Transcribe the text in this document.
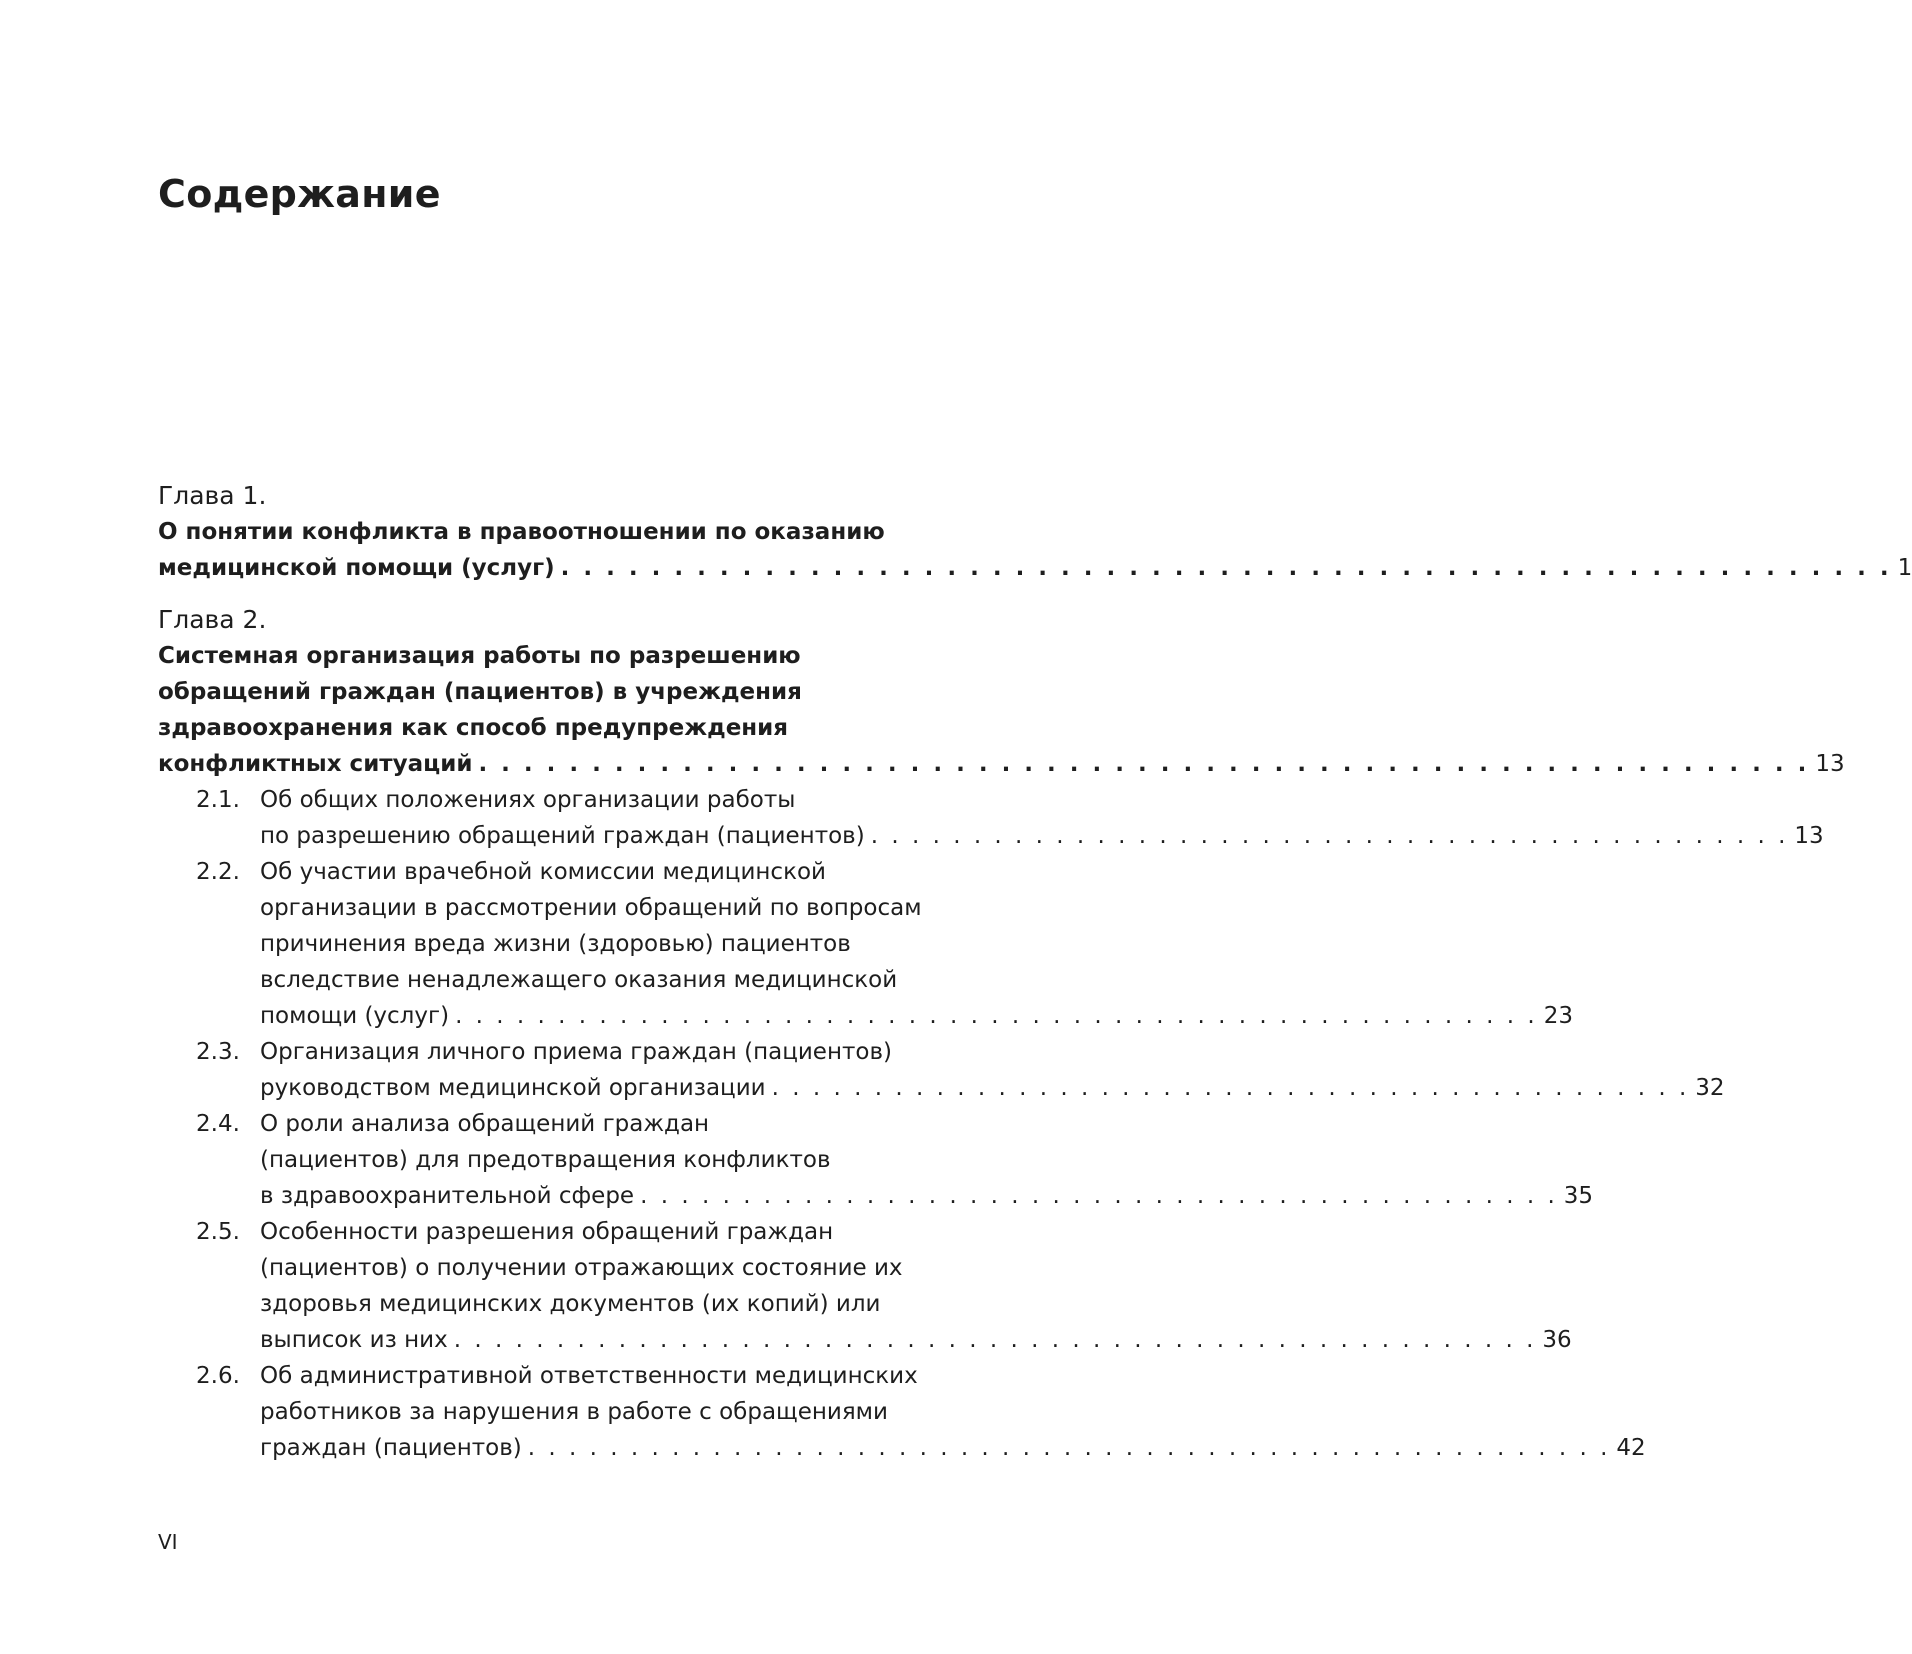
Содержание
Глава 1.
О понятии конфликта в правоотношении по оказанию
медицинской помощи (услуг) . . . . . . . . . . . . . . . . . . . . . . . . . . . . . . . . . . . . . . . . . . . . . . . . . . . . . . . . . . . 1
Глава 2.
Системная организация работы по разрешению
обращений граждан (пациентов) в учреждения
здравоохранения как способ предупреждения
конфликтных ситуаций . . . . . . . . . . . . . . . . . . . . . . . . . . . . . . . . . . . . . . . . . . . . . . . . . . . . . . . . . . . 13
2.1. Об общих положениях организации работы
по разрешению обращений граждан (пациентов) . . . . . . . . . . . . . . . . . . . . . . . . . . . . . . . . . . . . . . . . . . . . . 13
2.2. Об участии врачебной комиссии медицинской
организации в рассмотрении обращений по вопросам
причинения вреда жизни (здоровью) пациентов
вследствие ненадлежащего оказания медицинской
помощи (услуг) . . . . . . . . . . . . . . . . . . . . . . . . . . . . . . . . . . . . . . . . . . . . . . . . . . . . . 23
2.3. Организация личного приема граждан (пациентов)
руководством медицинской организации . . . . . . . . . . . . . . . . . . . . . . . . . . . . . . . . . . . . . . . . . . . . . 32
2.4. О роли анализа обращений граждан
(пациентов) для предотвращения конфликтов
в здравоохранительной сфере . . . . . . . . . . . . . . . . . . . . . . . . . . . . . . . . . . . . . . . . . . . . . 35
2.5. Особенности разрешения обращений граждан
(пациентов) о получении отражающих состояние их
здоровья медицинских документов (их копий) или
выписок из них . . . . . . . . . . . . . . . . . . . . . . . . . . . . . . . . . . . . . . . . . . . . . . . . . . . . . 36
2.6. Об административной ответственности медицинских
работников за нарушения в работе с обращениями
граждан (пациентов) . . . . . . . . . . . . . . . . . . . . . . . . . . . . . . . . . . . . . . . . . . . . . . . . . . . . . 42
VI
